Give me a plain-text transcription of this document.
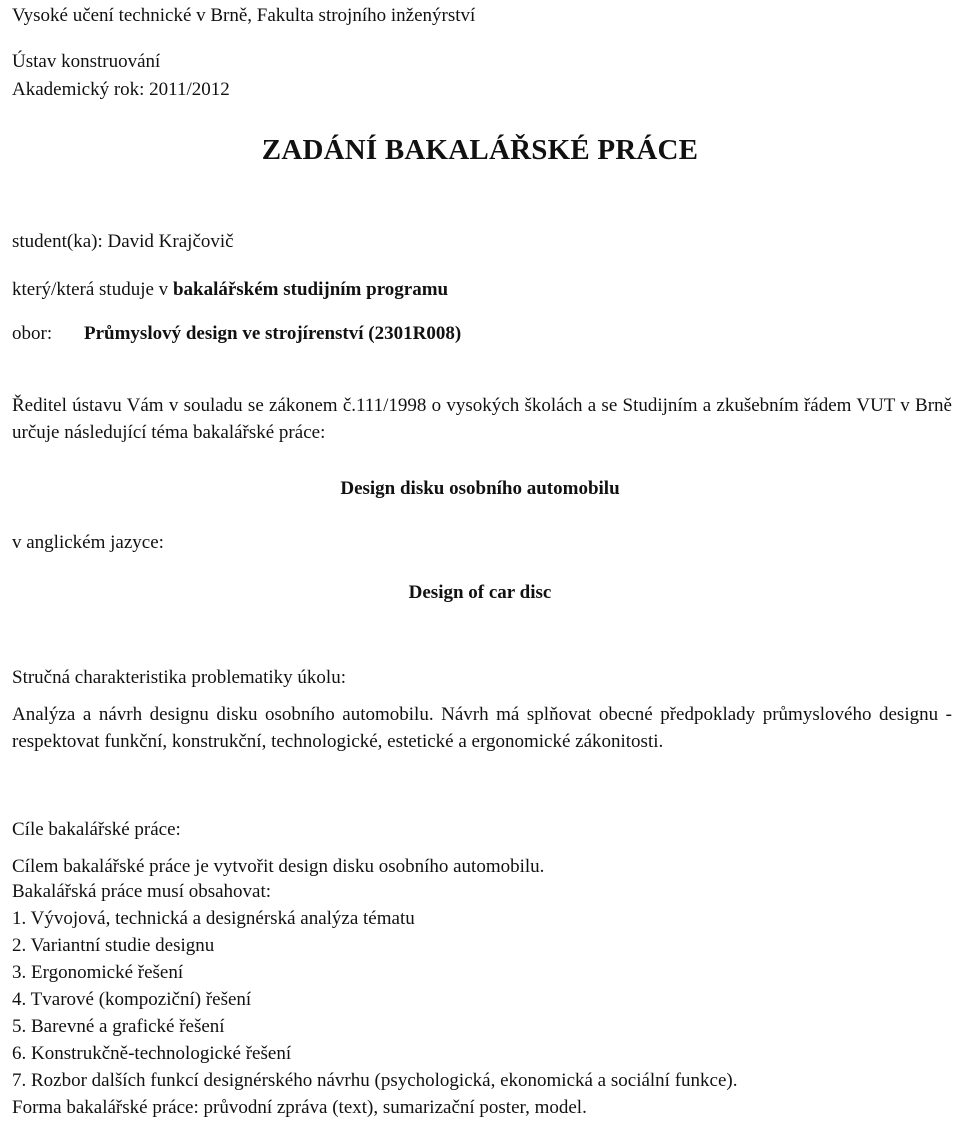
Vysoké učení technické v Brně, Fakulta strojního inženýrství
Ústav konstruování
Akademický rok: 2011/2012
ZADÁNÍ BAKALÁŘSKÉ PRÁCE
student(ka): David Krajčovič
který/která studuje v bakalářském studijním programu
obor: Průmyslový design ve strojírenství (2301R008)
Ředitel ústavu Vám v souladu se zákonem č.111/1998 o vysokých školách a se Studijním a zkušebním řádem VUT v Brně určuje následující téma bakalářské práce:
Design disku osobního automobilu
v anglickém jazyce:
Design of car disc
Stručná charakteristika problematiky úkolu:
Analýza a návrh designu disku osobního automobilu. Návrh má splňovat obecné předpoklady průmyslového designu -respektovat funkční, konstrukční, technologické, estetické a ergonomické zákonitosti.
Cíle bakalářské práce:
Cílem bakalářské práce je vytvořit design disku osobního automobilu.
Bakalářská práce musí obsahovat:
1. Vývojová, technická a designérská analýza tématu
2. Variantní studie designu
3. Ergonomické řešení
4. Tvarové (kompoziční) řešení
5. Barevné a grafické řešení
6. Konstrukčně-technologické řešení
7. Rozbor dalších funkcí designérského návrhu (psychologická, ekonomická a sociální funkce).
Forma bakalářské práce: průvodní zpráva (text), sumarizační poster, model.
